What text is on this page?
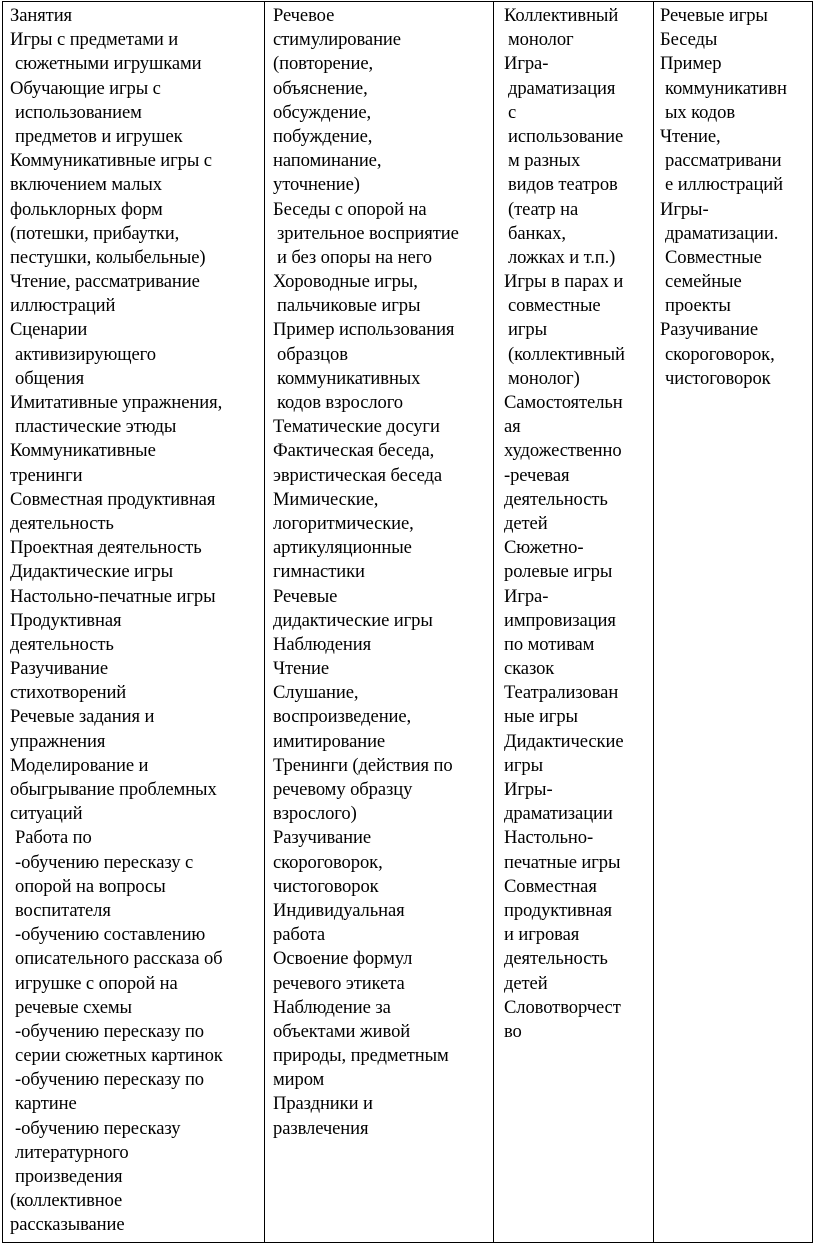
Занятия
Игры с предметами и
сюжетными игрушками
Обучающие игры с
использованием
предметов и игрушек
Коммуникативные игры с
включением малых
фольклорных форм
(потешки, прибаутки,
пестушки, колыбельные)
Чтение, рассматривание
иллюстраций
Сценарии
активизирующего
общения
Имитативные упражнения,
пластические этюды
Коммуникативные
тренинги
Совместная продуктивная
деятельность
Проектная деятельность
Дидактические игры
Настольно-печатные игры
Продуктивная
деятельность
Разучивание
стихотворений
Речевые задания и
упражнения
Моделирование и
обыгрывание проблемных
ситуаций
Работа по
-обучению пересказу с
опорой на вопросы
воспитателя
-обучению составлению
описательного рассказа об
игрушке с опорой на
речевые схемы
-обучению пересказу по
серии сюжетных картинок
-обучению пересказу по
картине
-обучению пересказу
литературного
произведения
(коллективное
рассказывание

Речевое
стимулирование
(повторение,
объяснение,
обсуждение,
побуждение,
напоминание,
уточнение)
Беседы с опорой на
зрительное восприятие
и без опоры на него
Хороводные игры,
пальчиковые игры
Пример использования
образцов
коммуникативных
кодов взрослого
Тематические досуги
Фактическая беседа,
эвристическая беседа
Мимические,
логоритмические,
артикуляционные
гимнастики
Речевые
дидактические игры
Наблюдения
Чтение
Слушание,
воспроизведение,
имитирование
Тренинги (действия по
речевому образцу
взрослого)
Разучивание
скороговорок,
чистоговорок
Индивидуальная
работа
Освоение формул
речевого этикета
Наблюдение за
объектами живой
природы, предметным
миром
Праздники и
развлечения

Коллективный
монолог
Игра-
драматизация
с
использование
м разных
видов театров
(театр на
банках,
ложках и т.п.)
Игры в парах и
совместные
игры
(коллективный
монолог)
Самостоятельн
ая
художественно
-речевая
деятельность
детей
Сюжетно-
ролевые игры
Игра-
импровизация
по мотивам
сказок
Театрализован
ные игры
Дидактические
игры
Игры-
драматизации
Настольно-
печатные игры
Совместная
продуктивная
и игровая
деятельность
детей
Словотворчест
во

Речевые игры
Беседы
Пример
коммуникативн
ых кодов
Чтение,
рассматривани
е иллюстраций
Игры-
драматизации.
Совместные
семейные
проекты
Разучивание
скороговорок,
чистоговорок
